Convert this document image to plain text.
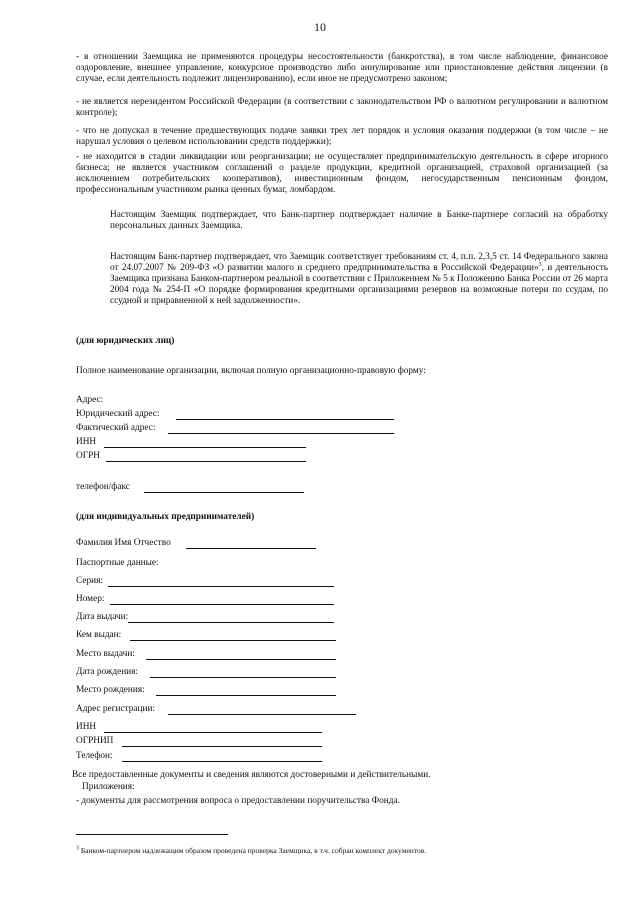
10
- в отношении Заемщика не применяются процедуры несостоятельности (банкротства), в том числе наблюдение, финансовое оздоровление, внешнее управление, конкурсное производство либо аннулирование или приостановление действия лицензии (в случае, если деятельность подлежит лицензированию), если иное не предусмотрено законом;
- не является нерезидентом Российской Федерации (в соответствии с законодательством РФ о валютном регулировании и валютном контроле);
- что не допускал в течение предшествующих подаче заявки трех лет порядок и условия оказания поддержки (в том числе – не нарушал условия о целевом использовании средств поддержки);
- не находится в стадии ликвидации или реорганизации; не осуществляет предпринимательскую деятельность в сфере игорного бизнеса; не является участником соглашений о разделе продукции, кредитной организацией, страховой организацией (за исключением потребительских кооперативов), инвестиционным фондом, негосударственным пенсионным фондом, профессиональным участником рынка ценных бумаг, ломбардом.
Настоящим Заемщик подтверждает, что Банк-партнер подтверждает наличие в Банке-партнере согласий на обработку персональных данных Заемщика.
Настоящим Банк-партнер подтверждает, что Заемщик соответствует требованиям ст. 4, п.п. 2,3,5 ст. 14 Федерального закона от 24.07.2007 № 209-ФЗ «О развитии малого и среднего предпринимательства в Российской Федерации»$^3$, и деятельность Заемщика признана Банком-партнером реальной в соответствии с Приложением № 5 к Положению Банка России от 26 марта 2004 года № 254-П «О порядке формирования кредитными организациями резервов на возможные потери по ссудам, по ссудной и приравненной к ней задолженности».
(для юридических лиц)
Полное наименование организации, включая полную организационно-правовую форму:
Адрес:
Юридический адрес:
Фактический адрес:
ИНН
ОГРН
телефон/факс
(для индивидуальных предпринимателей)
Фамилия Имя Отчество
Паспортные данные:
Серия:
Номер:
Дата выдачи:
Кем выдан:
Место выдачи:
Дата рождения:
Место рождения:
Адрес регистрации:
ИНН
ОГРНИП
Телефон:
Все предоставленные документы и сведения являются достоверными и действительными.
Приложения:
- документы для рассмотрения вопроса о предоставлении поручительства Фонда.
$^3$ Банком-партнером надлежащим образом проведена проверка Заемщика, в т.ч. собран комплект документов.
